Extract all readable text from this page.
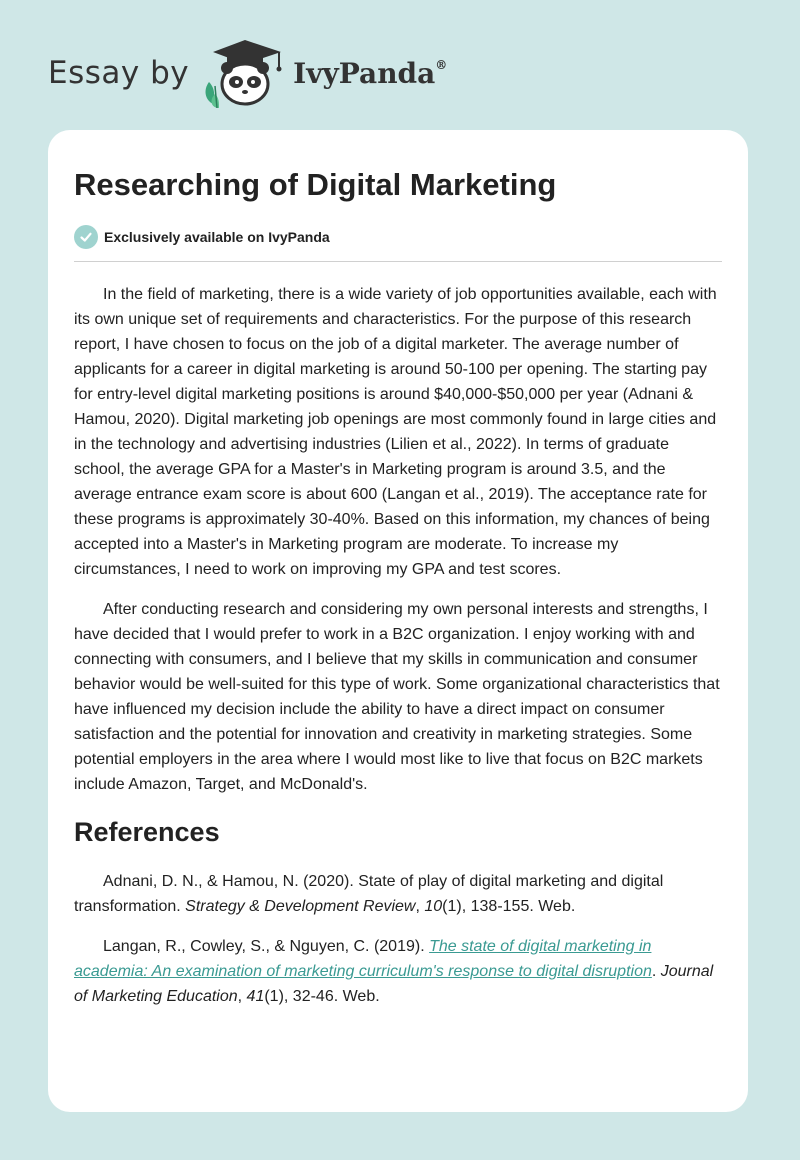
Essay by	IvyPanda®
Researching of Digital Marketing
Exclusively available on IvyPanda

In the field of marketing, there is a wide variety of job opportunities available, each with its own unique set of requirements and characteristics. For the purpose of this research report, I have chosen to focus on the job of a digital marketer. The average number of applicants for a career in digital marketing is around 50-100 per opening. The starting pay for entry-level digital marketing positions is around $40,000-$50,000 per year (Adnani & Hamou, 2020). Digital marketing job openings are most commonly found in large cities and in the technology and advertising industries (Lilien et al., 2022). In terms of graduate school, the average GPA for a Master's in Marketing program is around 3.5, and the average entrance exam score is about 600 (Langan et al., 2019). The acceptance rate for these programs is approximately 30-40%. Based on this information, my chances of being accepted into a Master's in Marketing program are moderate. To increase my circumstances, I need to work on improving my GPA and test scores.

After conducting research and considering my own personal interests and strengths, I have decided that I would prefer to work in a B2C organization. I enjoy working with and connecting with consumers, and I believe that my skills in communication and consumer behavior would be well-suited for this type of work. Some organizational characteristics that have influenced my decision include the ability to have a direct impact on consumer satisfaction and the potential for innovation and creativity in marketing strategies. Some potential employers in the area where I would most like to live that focus on B2C markets include Amazon, Target, and McDonald's.

References

Adnani, D. N., & Hamou, N. (2020). State of play of digital marketing and digital transformation. Strategy & Development Review, 10(1), 138-155. Web.

Langan, R., Cowley, S., & Nguyen, C. (2019). The state of digital marketing in academia: An examination of marketing curriculum's response to digital disruption. Journal of Marketing Education, 41(1), 32-46. Web.
